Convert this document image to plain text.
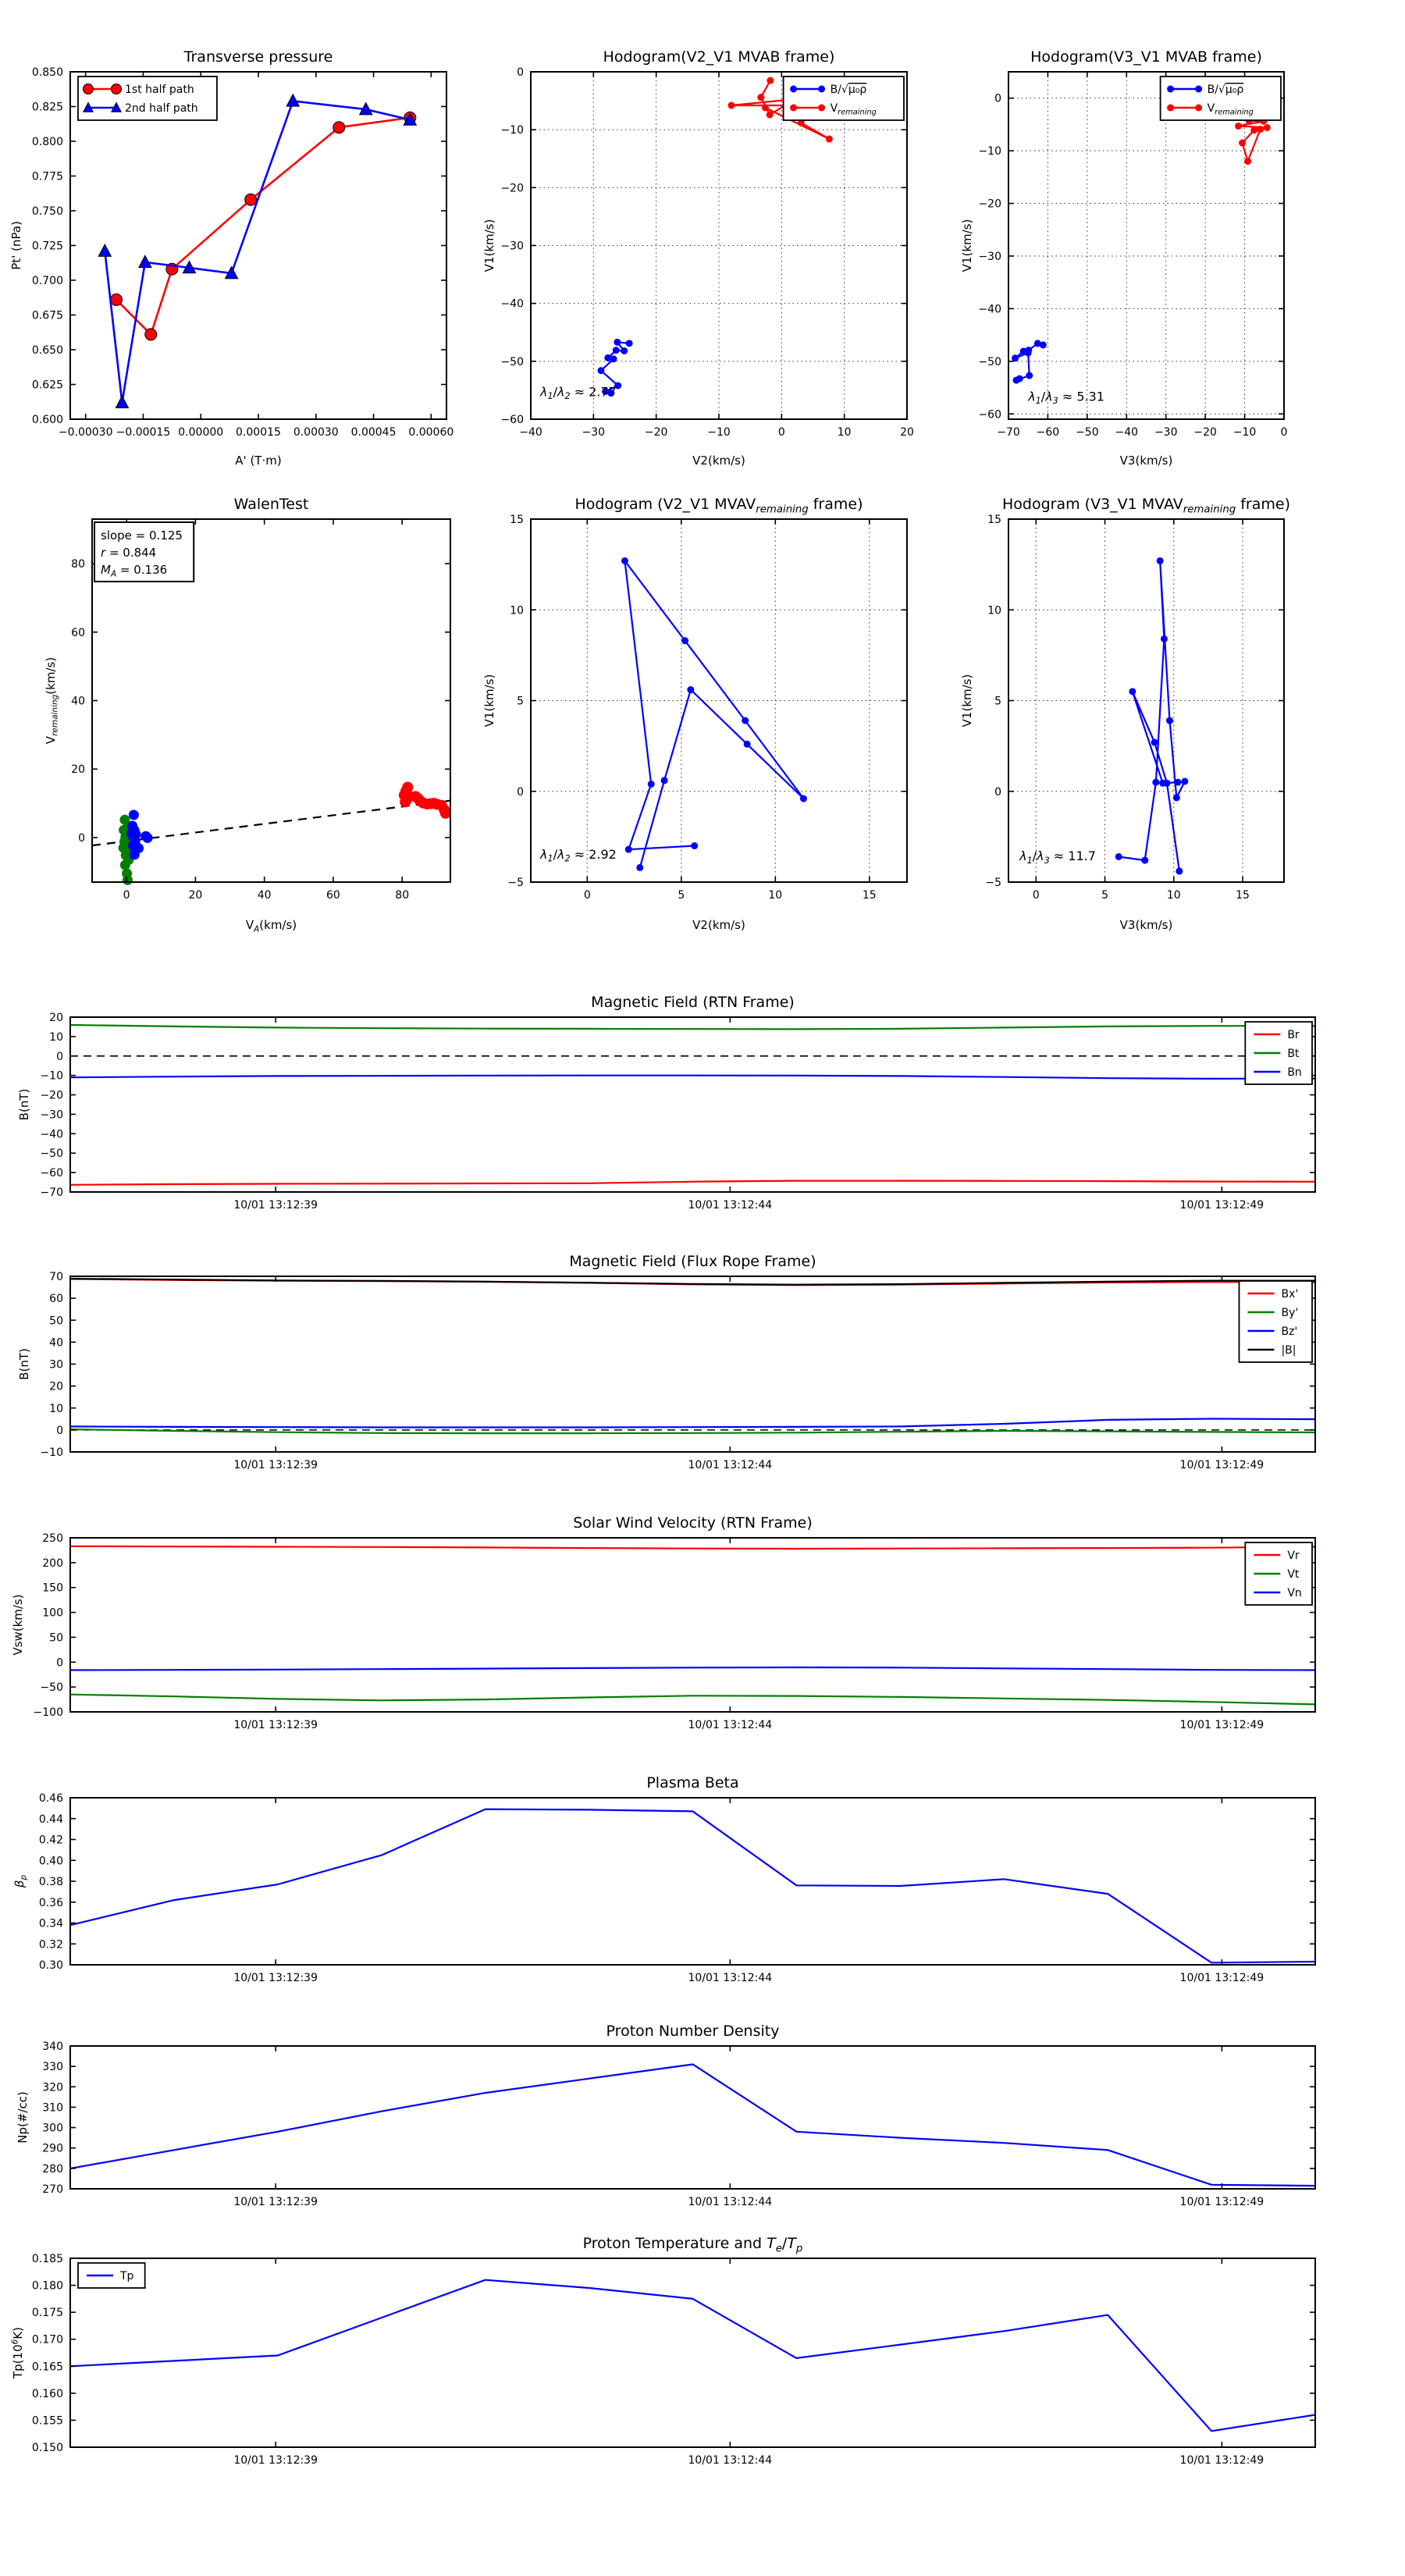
−0.00030 −0.00015 0.00000 0.00015 0.00030 0.00045 0.00060
0.850
0.825
0.800
0.775
0.750
0.725
0.700
0.675
0.650
0.625
0.600
Transverse pressure
A' (T·m)
Pt' (nPa)
1st half path
2nd half path
−40	−30	−20	−10	0	10	20
0
−10
−20
−30
−40
−50
−60
Hodogram(V2_V1 MVAB frame)
V2(km/s)
V1(km/s)
B/√μ₀ρ
$V_{remaining}$
$\lambda_1/\lambda_2 \approx 2.77$
−70 −60 −50 −40 −30 −20 −10 0
0
−10
−20
−30
−40
−50
−60
Hodogram(V3_V1 MVAB frame)
V3(km/s)
V1(km/s)
B/√μ₀ρ
$V_{remaining}$
$\lambda_1/\lambda_3 \approx 5.31$
0	20	40	60	80
0
20
40
60
80
WalenTest
$V_A(km/s)$
$V_{remaining}(km/s)$
slope = 0.125
r = 0.844
$M_A = 0.136$
0	5	10	15
15
10
5
0
−5
Hodogram (V2_V1 $MVAV_{remaining}$ frame)
V2(km/s)
V1(km/s)
$\lambda_1/\lambda_2 \approx 2.92$
0	5	10	15
15
10
5
0
−5
Hodogram (V3_V1 $MVAV_{remaining}$ frame)
V3(km/s)
V1(km/s)
$\lambda_1/\lambda_3 \approx 11.7$
10/01 13:12:39	10/01 13:12:44	10/01 13:12:49
20
10
0
−10
−20
−30
−40
−50
−60
−70
Magnetic Field (RTN Frame)
B(nT)
Br
Bt
Bn
10/01 13:12:39	10/01 13:12:44	10/01 13:12:49
70
60
50
40
30
20
10
0
−10
Magnetic Field (Flux Rope Frame)
B(nT)
Bx'
By'
Bz'
|B|
10/01 13:12:39	10/01 13:12:44	10/01 13:12:49
250
200
150
100
50
0
−50
−100
Solar Wind Velocity (RTN Frame)
Vsw(km/s)
Vr
Vt
Vn
10/01 13:12:39	10/01 13:12:44	10/01 13:12:49
0.46
0.44
0.42
0.40
0.38
0.36
0.34
0.32
0.30
Plasma Beta
$\beta_p$
10/01 13:12:39	10/01 13:12:44	10/01 13:12:49
340
330
320
310
300
290
280
270
Proton Number Density
Np(#/cc)
10/01 13:12:39	10/01 13:12:44	10/01 13:12:49
0.185
0.180
0.175
0.170
0.165
0.160
0.155
0.150
Proton Temperature and $T_e/T_p$
$Tp(10^6K)$
Tp
